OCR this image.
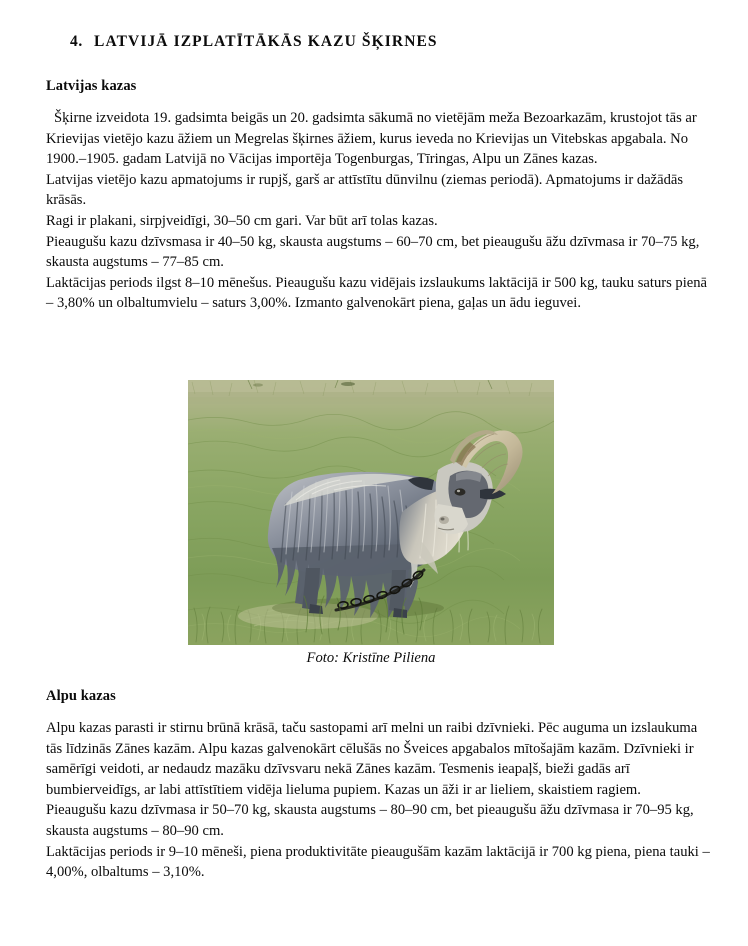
4. LATVIJĀ IZPLATĪTĀKĀS KAZU ŠĶIRNES
Latvijas kazas

Šķirne izveidota 19. gadsimta beigās un 20. gadsimta sākumā no vietējām meža Bezoarkazām, krustojot tās ar Krievijas vietējo kazu āžiem un Megrelas šķirnes āžiem, kurus ieveda no Krievijas un Vitebskas apgabala. No 1900.–1905. gadam Latvijā no Vācijas importēja Togenburgas, Tīringas, Alpu un Zānes kazas.

Latvijas vietējo kazu apmatojums ir rupjš, garš ar attīstītu dūnvilnu (ziemas periodā). Apmatojums ir dažādās krāsās.

Ragi ir plakani, sirpjveidīgi, 30–50 cm gari. Var būt arī tolas kazas.

Pieaugušu kazu dzīvsmasa ir 40–50 kg, skausta augstums – 60–70 cm, bet pieaugušu āžu dzīvmasa ir 70–75 kg, skausta augstums – 77–85 cm.

Laktācijas periods ilgst 8–10 mēnešus. Pieaugušu kazu vidējais izslaukums laktācijā ir 500 kg, tauku saturs pienā – 3,80% un olbaltumvielu – saturs 3,00%. Izmanto galvenokārt piena, gaļas un ādu ieguvei.

Foto: Kristīne Piliena
Alpu kazas

Alpu kazas parasti ir stirnu brūnā krāsā, taču sastopami arī melni un raibi dzīvnieki. Pēc auguma un izslaukuma tās līdzinās Zānes kazām. Alpu kazas galvenokārt cēlušās no Šveices apgabalos mītošajām kazām. Dzīvnieki ir samērīgi veidoti, ar nedaudz mazāku dzīvsvaru nekā Zānes kazām. Tesmenis ieapaļš, bieži gadās arī bumbierveidīgs, ar labi attīstītiem vidēja lieluma pupiem. Kazas un āži ir ar lieliem, skaistiem ragiem.

Pieaugušu kazu dzīvmasa ir 50–70 kg, skausta augstums – 80–90 cm, bet pieaugušu āžu dzīvmasa ir 70–95 kg, skausta augstums – 80–90 cm.

Laktācijas periods ir 9–10 mēneši, piena produktivitāte pieaugušām kazām laktācijā ir 700 kg piena, piena tauki – 4,00%, olbaltums – 3,10%.
